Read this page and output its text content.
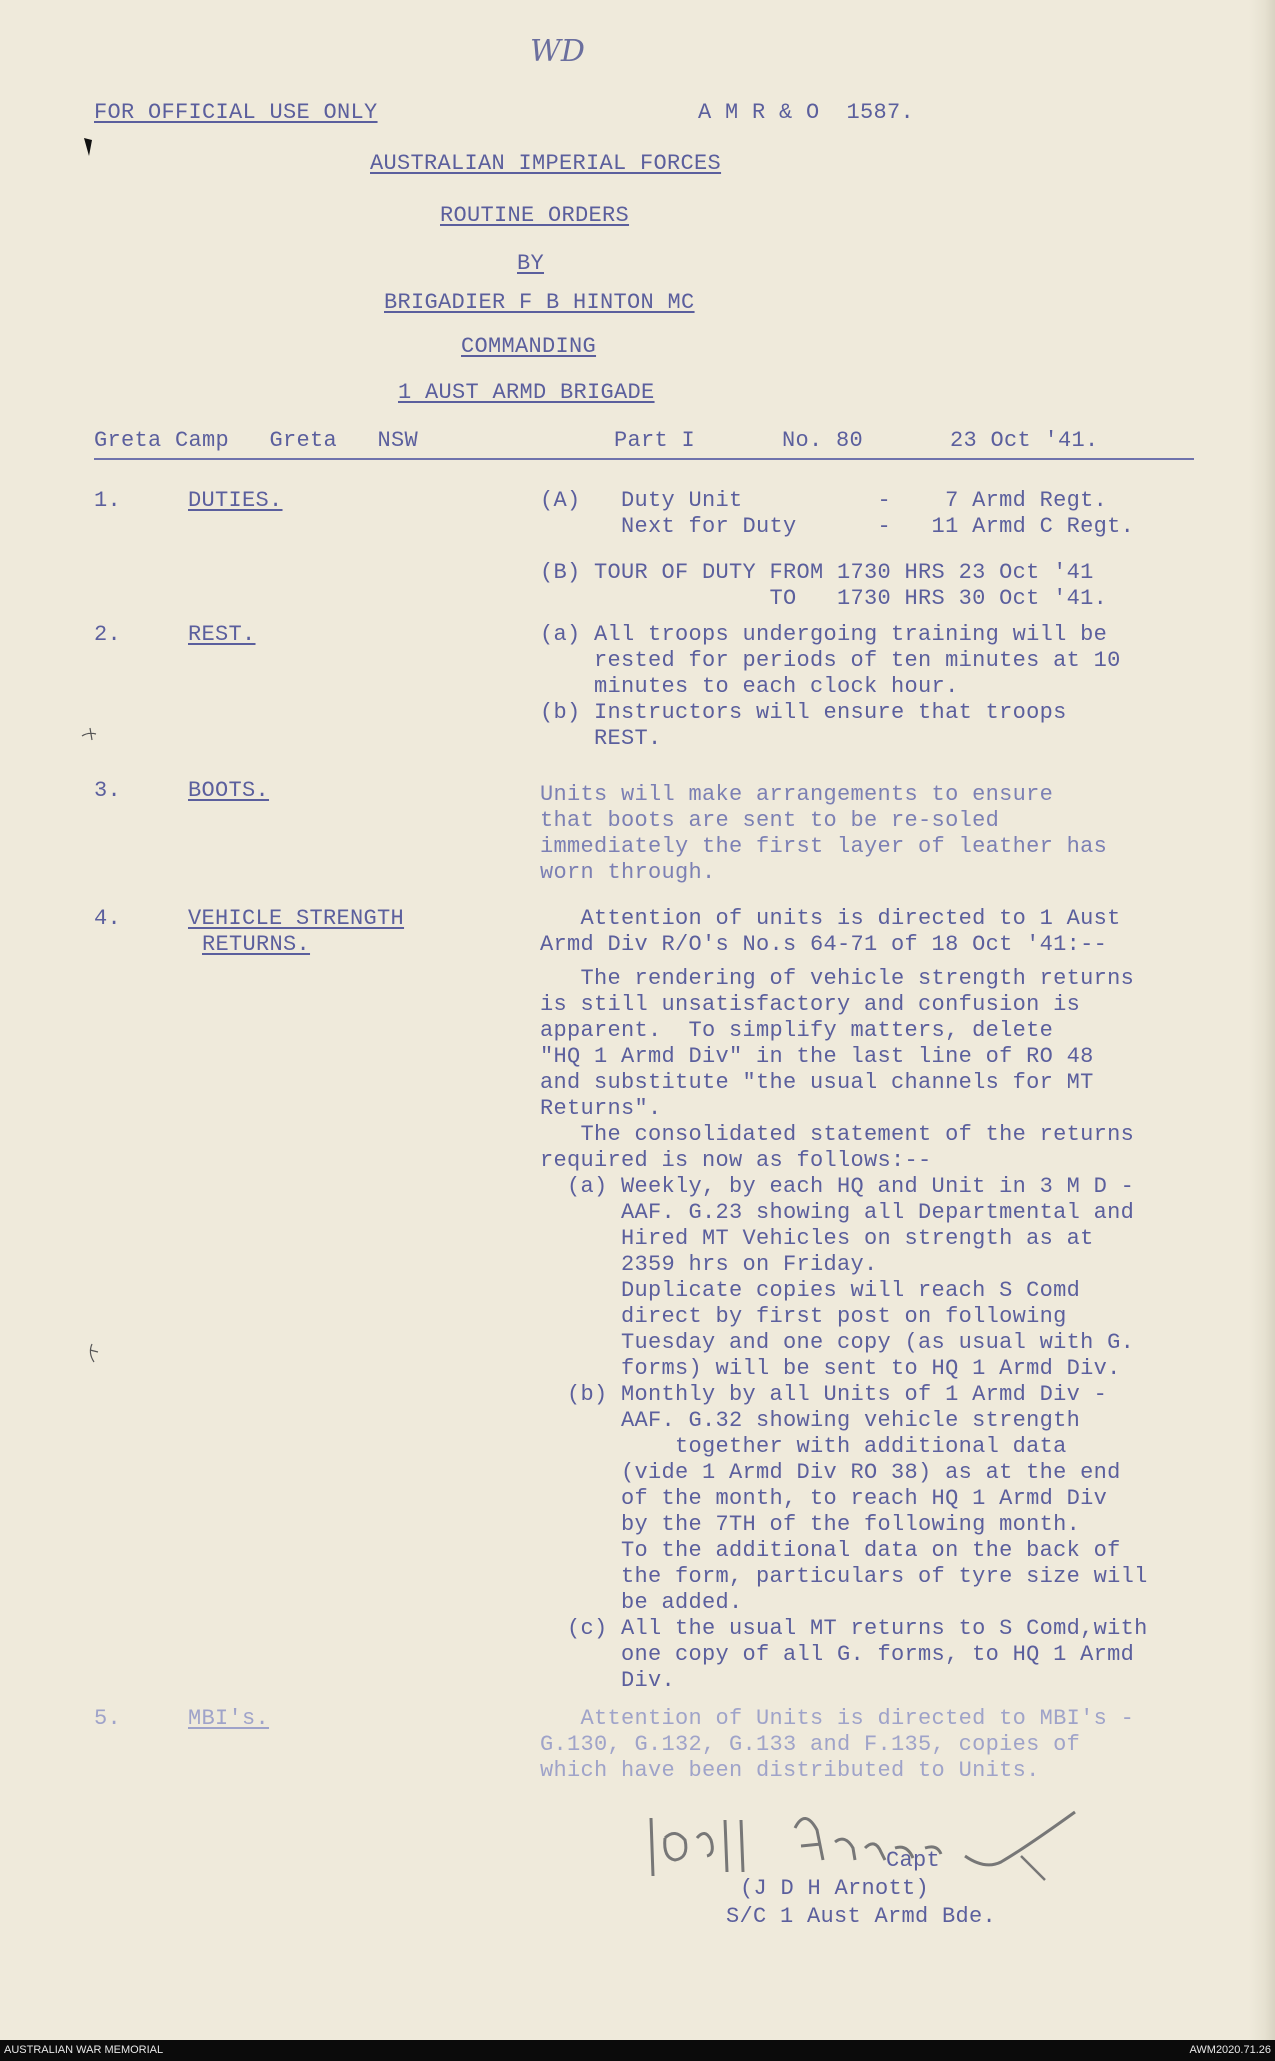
WD
FOR OFFICIAL USE ONLY	A M R & O  1587.
AUSTRALIAN IMPERIAL FORCES
ROUTINE ORDERS
BY
BRIGADIER F B HINTON MC
COMMANDING
1 AUST ARMD BRIGADE
Greta Camp   Greta   NSW	Part I	No. 80	23 Oct '41.
1.	DUTIES.	(A)   Duty Unit          -    7 Armd Regt.
Next for Duty      -   11 Armd C Regt.
(B) TOUR OF DUTY FROM 1730 HRS 23 Oct '41
TO   1730 HRS 30 Oct '41.
2.	REST.	(a) All troops undergoing training will be
rested for periods of ten minutes at 10
minutes to each clock hour.
(b) Instructors will ensure that troops
REST.
3.	BOOTS.	Units will make arrangements to ensure
that boots are sent to be re-soled
immediately the first layer of leather has
worn through.
4.	VEHICLE STRENGTH
RETURNS.
Attention of units is directed to 1 Aust
Armd Div R/O's No.s 64-71 of 18 Oct '41:--
The rendering of vehicle strength returns
is still unsatisfactory and confusion is
apparent.  To simplify matters, delete
"HQ 1 Armd Div" in the last line of RO 48
and substitute "the usual channels for MT
Returns".
The consolidated statement of the returns
required is now as follows:--
(a) Weekly, by each HQ and Unit in 3 M D -
AAF. G.23 showing all Departmental and
Hired MT Vehicles on strength as at
2359 hrs on Friday.
Duplicate copies will reach S Comd
direct by first post on following
Tuesday and one copy (as usual with G.
forms) will be sent to HQ 1 Armd Div.
(b) Monthly by all Units of 1 Armd Div -
AAF. G.32 showing vehicle strength
together with additional data
(vide 1 Armd Div RO 38) as at the end
of the month, to reach HQ 1 Armd Div
by the 7TH of the following month.
To the additional data on the back of
the form, particulars of tyre size will
be added.
(c) All the usual MT returns to S Comd,with
one copy of all G. forms, to HQ 1 Armd
Div.
5.	MBI's.	Attention of Units is directed to MBI's -
G.130, G.132, G.133 and F.135, copies of
which have been distributed to Units.
Capt
(J D H Arnott)
S/C 1 Aust Armd Bde.
AUSTRALIAN WAR MEMORIAL	AWM2020.71.26
